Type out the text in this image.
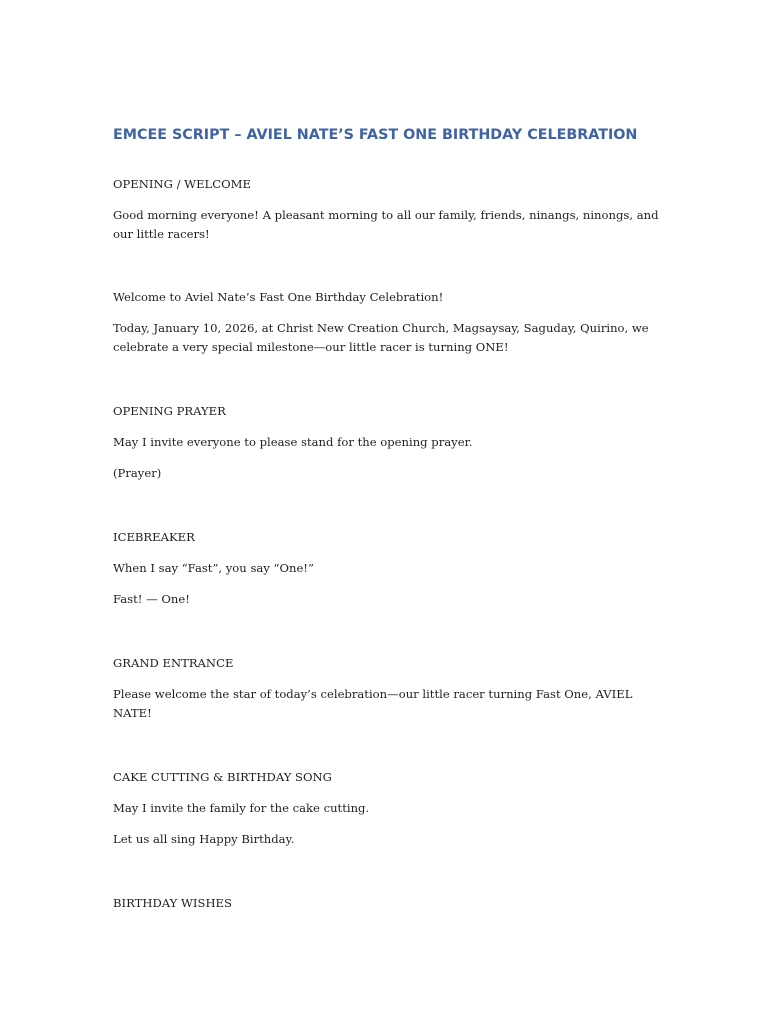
EMCEE SCRIPT – AVIEL NATE’S FAST ONE BIRTHDAY CELEBRATION

OPENING / WELCOME

Good morning everyone! A pleasant morning to all our family, friends, ninangs, ninongs, and our little racers!

Welcome to Aviel Nate’s Fast One Birthday Celebration!

Today, January 10, 2026, at Christ New Creation Church, Magsaysay, Saguday, Quirino, we celebrate a very special milestone—our little racer is turning ONE!

OPENING PRAYER

May I invite everyone to please stand for the opening prayer.

(Prayer)

ICEBREAKER

When I say “Fast”, you say “One!”

Fast! — One!

GRAND ENTRANCE

Please welcome the star of today’s celebration—our little racer turning Fast One, AVIEL NATE!

CAKE CUTTING & BIRTHDAY SONG

May I invite the family for the cake cutting.

Let us all sing Happy Birthday.

BIRTHDAY WISHES
